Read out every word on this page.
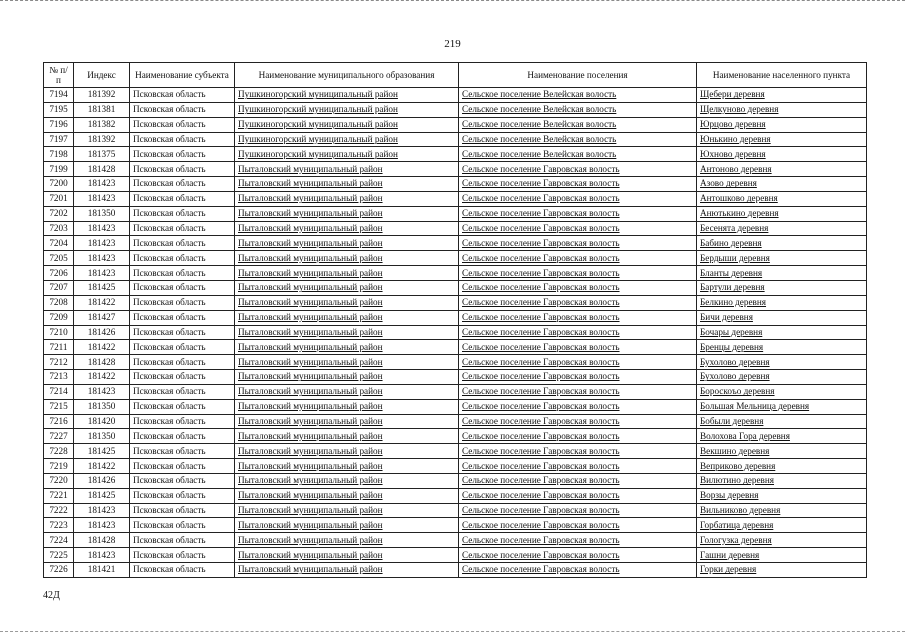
219
№ п/п	Индекс	Наименование субъекта	Наименование муниципального образования	Наименование поселения	Наименование населенного пункта
7194	181392	Псковская область	Пушкиногорский муниципальный район	Сельское поселение Велейская волость	Щебери деревня
7195	181381	Псковская область	Пушкиногорский муниципальный район	Сельское поселение Велейская волость	Щелкуново деревня
7196	181382	Псковская область	Пушкиногорский муниципальный район	Сельское поселение Велейская волость	Юрцово деревня
7197	181392	Псковская область	Пушкиногорский муниципальный район	Сельское поселение Велейская волость	Юнькино деревня
7198	181375	Псковская область	Пушкиногорский муниципальный район	Сельское поселение Велейская волость	Юхново деревня
7199	181428	Псковская область	Пыталовский муниципальный район	Сельское поселение Гавровская волость	Антоново деревня
7200	181423	Псковская область	Пыталовский муниципальный район	Сельское поселение Гавровская волость	Азово деревня
7201	181423	Псковская область	Пыталовский муниципальный район	Сельское поселение Гавровская волость	Антошково деревня
7202	181350	Псковская область	Пыталовский муниципальный район	Сельское поселение Гавровская волость	Анютькино деревня
7203	181423	Псковская область	Пыталовский муниципальный район	Сельское поселение Гавровская волость	Бесенята деревня
7204	181423	Псковская область	Пыталовский муниципальный район	Сельское поселение Гавровская волость	Бабино деревня
7205	181423	Псковская область	Пыталовский муниципальный район	Сельское поселение Гавровская волость	Бердыши деревня
7206	181423	Псковская область	Пыталовский муниципальный район	Сельское поселение Гавровская волость	Бланты деревня
7207	181425	Псковская область	Пыталовский муниципальный район	Сельское поселение Гавровская волость	Бартули деревня
7208	181422	Псковская область	Пыталовский муниципальный район	Сельское поселение Гавровская волость	Белкино деревня
7209	181427	Псковская область	Пыталовский муниципальный район	Сельское поселение Гавровская волость	Бичи деревня
7210	181426	Псковская область	Пыталовский муниципальный район	Сельское поселение Гавровская волость	Бочары деревня
7211	181422	Псковская область	Пыталовский муниципальный район	Сельское поселение Гавровская волость	Бренцы деревня
7212	181428	Псковская область	Пыталовский муниципальный район	Сельское поселение Гавровская волость	Бухолово деревня
7213	181422	Псковская область	Пыталовский муниципальный район	Сельское поселение Гавровская волость	Бухолово деревня
7214	181423	Псковская область	Пыталовский муниципальный район	Сельское поселение Гавровская волость	Бороскоъо деревня
7215	181350	Псковская область	Пыталовский муниципальный район	Сельское поселение Гавровская волость	Большая Мельница деревня
7216	181420	Псковская область	Пыталовский муниципальный район	Сельское поселение Гавровская волость	Бобыли деревня
7227	181350	Псковская область	Пыталовский муниципальный район	Сельское поселение Гавровская волость	Волохова Гора деревня
7228	181425	Псковская область	Пыталовский муниципальный район	Сельское поселение Гавровская волость	Векшино деревня
7219	181422	Псковская область	Пыталовский муниципальный район	Сельское поселение Гавровская волость	Веприково деревня
7220	181426	Псковская область	Пыталовский муниципальный район	Сельское поселение Гавровская волость	Вилютино деревня
7221	181425	Псковская область	Пыталовский муниципальный район	Сельское поселение Гавровская волость	Ворзы деревня
7222	181423	Псковская область	Пыталовский муниципальный район	Сельское поселение Гавровская волость	Вильниково деревня
7223	181423	Псковская область	Пыталовский муниципальный район	Сельское поселение Гавровская волость	Горбатица деревня
7224	181428	Псковская область	Пыталовский муниципальный район	Сельское поселение Гавровская волость	Гологузка деревня
7225	181423	Псковская область	Пыталовский муниципальный район	Сельское поселение Гавровская волость	Гашни деревня
7226	181421	Псковская область	Пыталовский муниципальный район	Сельское поселение Гавровская волость	Горки деревня
42Д
